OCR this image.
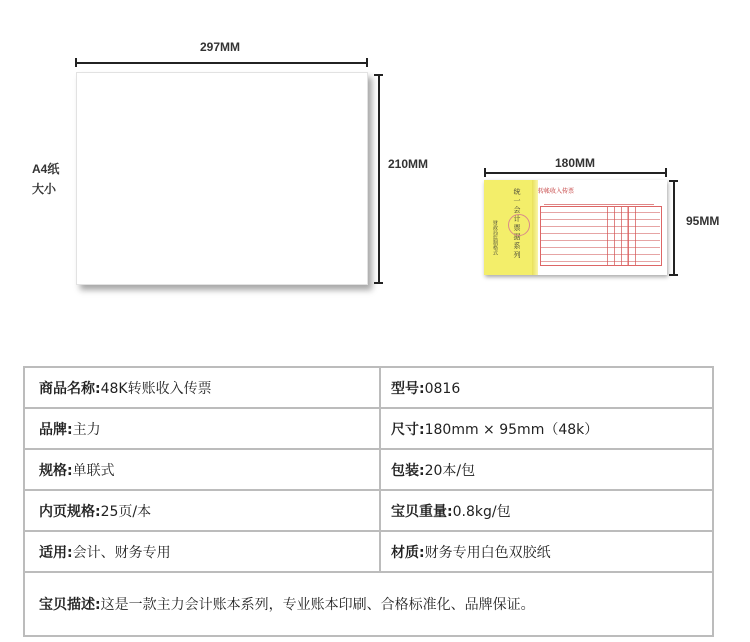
297MM
210MM
A4纸
大小
180MM
统一会计票据系列
财政局监制格式
转帐收入传票
95MM
商品名称:48K转账收入传票	型号:0816
品牌:主力	尺寸:180mm × 95mm（48k）
规格:单联式	包装:20本/包
内页规格:25页/本	宝贝重量:0.8kg/包
适用:会计、财务专用	材质:财务专用白色双胶纸
宝贝描述:这是一款主力会计账本系列，专业账本印刷、合格标准化、品牌保证。	
